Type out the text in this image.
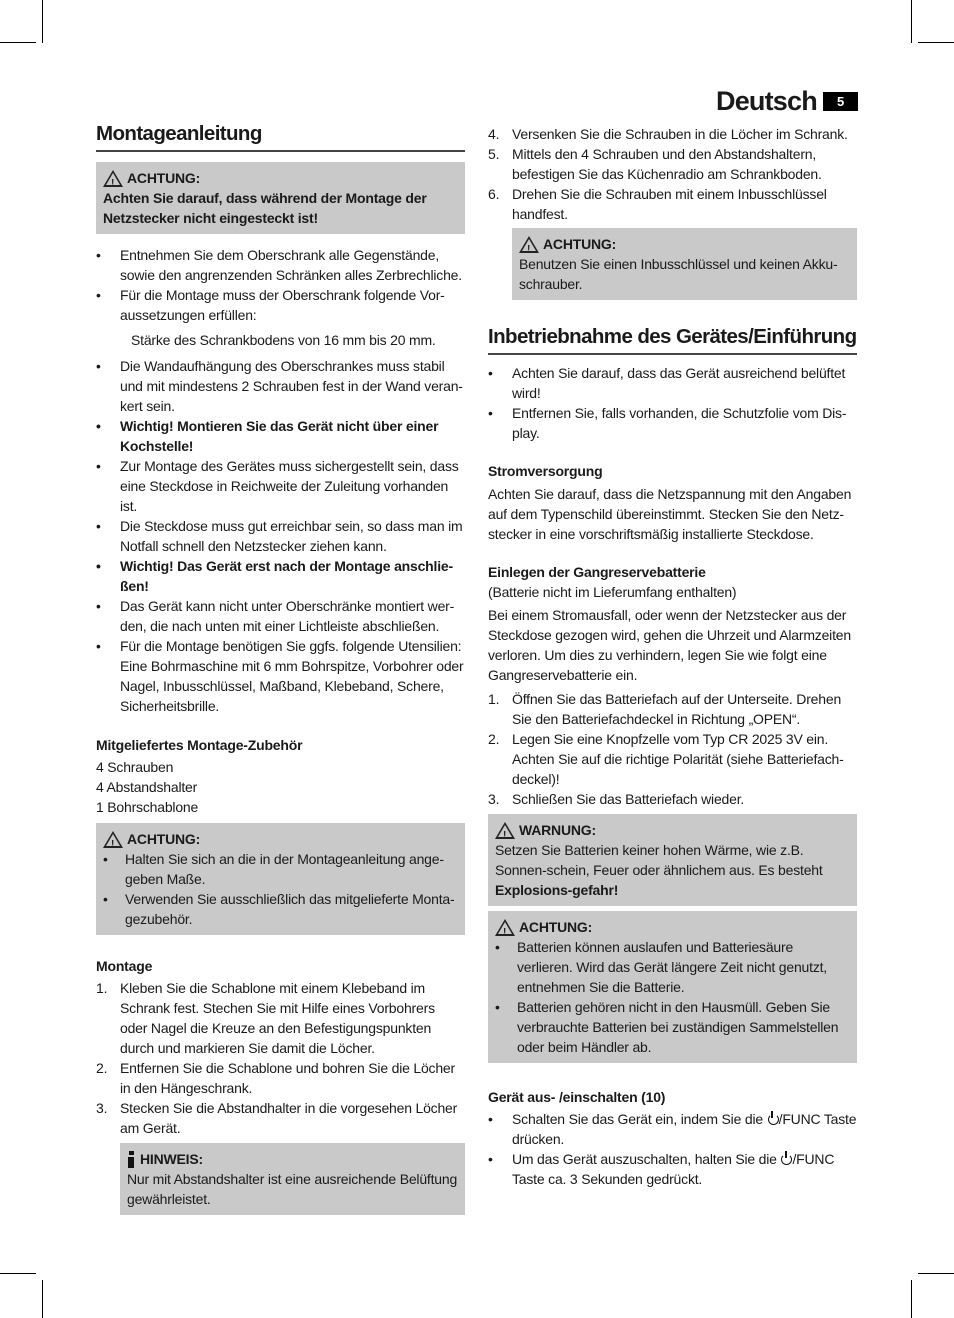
Deutsch	5
Montageanleitung
!
ACHTUNG:
Achten Sie darauf, dass während der Montage der Netzstecker nicht eingesteckt ist!
• Entnehmen Sie dem Oberschrank alle Gegenstände, sowie den angrenzenden Schränken alles Zerbrechliche.
• Für die Montage muss der Oberschrank folgende Vor-aussetzungen erfüllen:

Stärke des Schrankbodens von 16 mm bis 20 mm.

• Die Wandaufhängung des Oberschrankes muss stabil und mit mindestens 2 Schrauben fest in der Wand veran-kert sein.
• Wichtig! Montieren Sie das Gerät nicht über einer Kochstelle!
• Zur Montage des Gerätes muss sichergestellt sein, dass eine Steckdose in Reichweite der Zuleitung vorhanden ist.
• Die Steckdose muss gut erreichbar sein, so dass man im Notfall schnell den Netzstecker ziehen kann.
• Wichtig! Das Gerät erst nach der Montage anschlie-ßen!
• Das Gerät kann nicht unter Oberschränke montiert wer-den, die nach unten mit einer Lichtleiste abschließen.
• Für die Montage benötigen Sie ggfs. folgende Utensilien: Eine Bohrmaschine mit 6 mm Bohrspitze, Vorbohrer oder Nagel, Inbusschlüssel, Maßband, Klebeband, Schere, Sicherheitsbrille.
Mitgeliefertes Montage-Zubehör

4 Schrauben

4 Abstandshalter

1 Bohrschablone

!
ACHTUNG:
• Halten Sie sich an die in der Montageanleitung ange-geben Maße.
• Verwenden Sie ausschließlich das mitgelieferte Monta-gezubehör.
Montage
1. Kleben Sie die Schablone mit einem Klebeband im Schrank fest. Stechen Sie mit Hilfe eines Vorbohrers oder Nagel die Kreuze an den Befestigungspunkten durch und markieren Sie damit die Löcher.
2. Entfernen Sie die Schablone und bohren Sie die Löcher in den Hängeschrank.
3. Stecken Sie die Abstandhalter in die vorgesehen Löcher am Gerät.
HINWEIS:
Nur mit Abstandshalter ist eine ausreichende Belüftung gewährleistet.
4. Versenken Sie die Schrauben in die Löcher im Schrank.
5. Mittels den 4 Schrauben und den Abstandshaltern, befestigen Sie das Küchenradio am Schrankboden.
6. Drehen Sie die Schrauben mit einem Inbusschlüssel handfest.
!
ACHTUNG:
Benutzen Sie einen Inbusschlüssel und keinen Akku-schrauber.
Inbetriebnahme des Gerätes/Einführung
• Achten Sie darauf, dass das Gerät ausreichend belüftet wird!
• Entfernen Sie, falls vorhanden, die Schutzfolie vom Dis-play.
Stromversorgung

Achten Sie darauf, dass die Netzspannung mit den Angaben auf dem Typenschild übereinstimmt. Stecken Sie den Netz-stecker in eine vorschriftsmäßig installierte Steckdose.

Einlegen der Gangreservebatterie

(Batterie nicht im Lieferumfang enthalten)

Bei einem Stromausfall, oder wenn der Netzstecker aus der Steckdose gezogen wird, gehen die Uhrzeit und Alarmzeiten verloren. Um dies zu verhindern, legen Sie wie folgt eine Gangreservebatterie ein.

1. Öffnen Sie das Batteriefach auf der Unterseite. Drehen Sie den Batteriefachdeckel in Richtung „OPEN“.
2. Legen Sie eine Knopfzelle vom Typ CR 2025 3V ein. Achten Sie auf die richtige Polarität (siehe Batteriefach-deckel)!
3. Schließen Sie das Batteriefach wieder.
!
WARNUNG:
Setzen Sie Batterien keiner hohen Wärme, wie z.B. Sonnen-schein, Feuer oder ähnlichem aus. Es besteht Explosions-gefahr!
!
ACHTUNG:
• Batterien können auslaufen und Batteriesäure verlieren. Wird das Gerät längere Zeit nicht genutzt, entnehmen Sie die Batterie.
• Batterien gehören nicht in den Hausmüll. Geben Sie verbrauchte Batterien bei zuständigen Sammelstellen oder beim Händler ab.
Gerät aus- /einschalten (10)
• Schalten Sie das Gerät ein, indem Sie die /FUNC Taste drücken.
• Um das Gerät auszuschalten, halten Sie die /FUNC Taste ca. 3 Sekunden gedrückt.
